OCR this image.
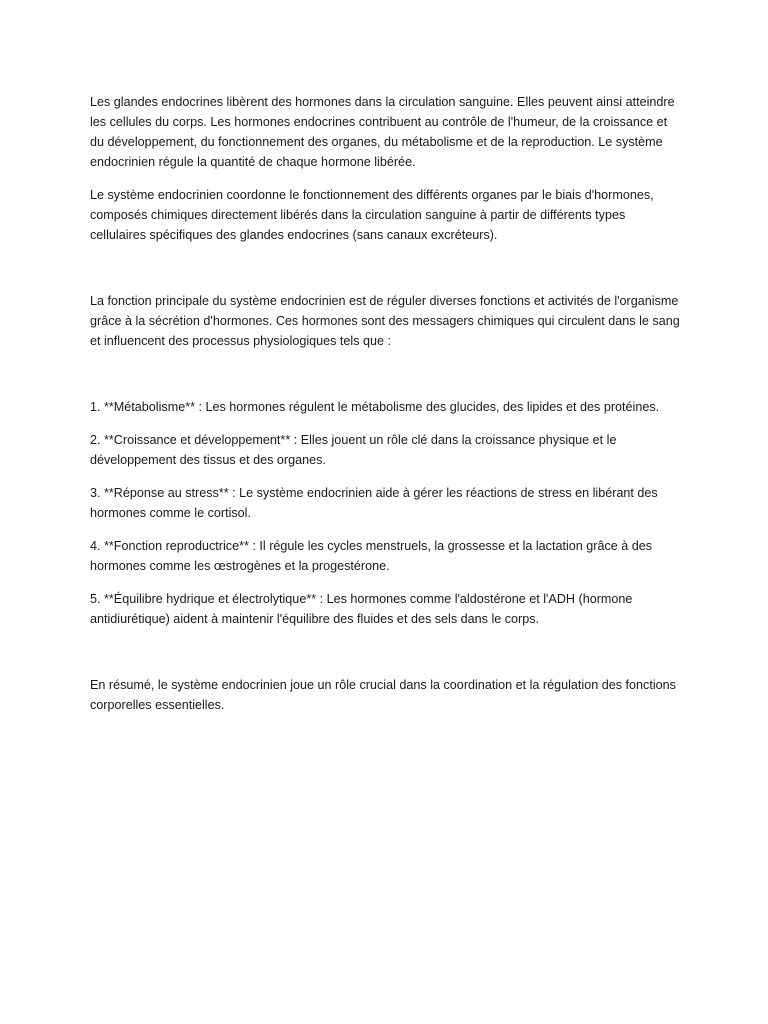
Les glandes endocrines libèrent des hormones dans la circulation sanguine. Elles peuvent ainsi atteindre les cellules du corps. Les hormones endocrines contribuent au contrôle de l'humeur, de la croissance et du développement, du fonctionnement des organes, du métabolisme et de la reproduction. Le système endocrinien régule la quantité de chaque hormone libérée.

Le système endocrinien coordonne le fonctionnement des différents organes par le biais d'hormones, composés chimiques directement libérés dans la circulation sanguine à partir de différents types cellulaires spécifiques des glandes endocrines (sans canaux excréteurs).

La fonction principale du système endocrinien est de réguler diverses fonctions et activités de l'organisme grâce à la sécrétion d'hormones. Ces hormones sont des messagers chimiques qui circulent dans le sang et influencent des processus physiologiques tels que :

1. **Métabolisme** : Les hormones régulent le métabolisme des glucides, des lipides et des protéines.

2. **Croissance et développement** : Elles jouent un rôle clé dans la croissance physique et le développement des tissus et des organes.

3. **Réponse au stress** : Le système endocrinien aide à gérer les réactions de stress en libérant des hormones comme le cortisol.

4. **Fonction reproductrice** : Il régule les cycles menstruels, la grossesse et la lactation grâce à des hormones comme les œstrogènes et la progestérone.

5. **Équilibre hydrique et électrolytique** : Les hormones comme l'aldostérone et l'ADH (hormone antidiurétique) aident à maintenir l'équilibre des fluides et des sels dans le corps.

En résumé, le système endocrinien joue un rôle crucial dans la coordination et la régulation des fonctions corporelles essentielles.
